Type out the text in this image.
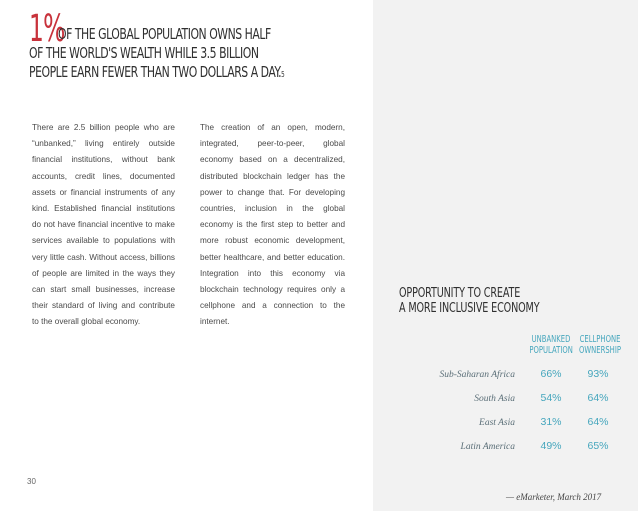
1%
OF THE GLOBAL POPULATION OWNS HALF
OF THE WORLD'S WEALTH WHILE 3.5 BILLION
PEOPLE EARN FEWER THAN TWO DOLLARS A DAY.$^5$
There are 2.5 billion people who are “unbanked,” living entirely outside financial institutions, without bank accounts, credit lines, documented assets or financial instruments of any kind. Established financial institutions do not have financial incentive to make services available to populations with very little cash. Without access, billions of people are limited in the ways they can start small businesses, increase their standard of living and contribute to the overall global economy.
The creation of an open, modern, integrated, peer-to-peer, global economy based on a decentralized, distributed blockchain ledger has the power to change that. For developing countries, inclusion in the global economy is the first step to better and more robust economic development, better healthcare, and better education. Integration into this economy via blockchain technology requires only a cellphone and a connection to the internet.
30
OPPORTUNITY TO CREATE
A MORE INCLUSIVE ECONOMY
UNBANKED
POPULATION
CELLPHONE
OWNERSHIP
Sub-Saharan Africa	66%	93%
South Asia	54%	64%
East Asia	31%	64%
Latin America	49%	65%
— eMarketer, March 2017
